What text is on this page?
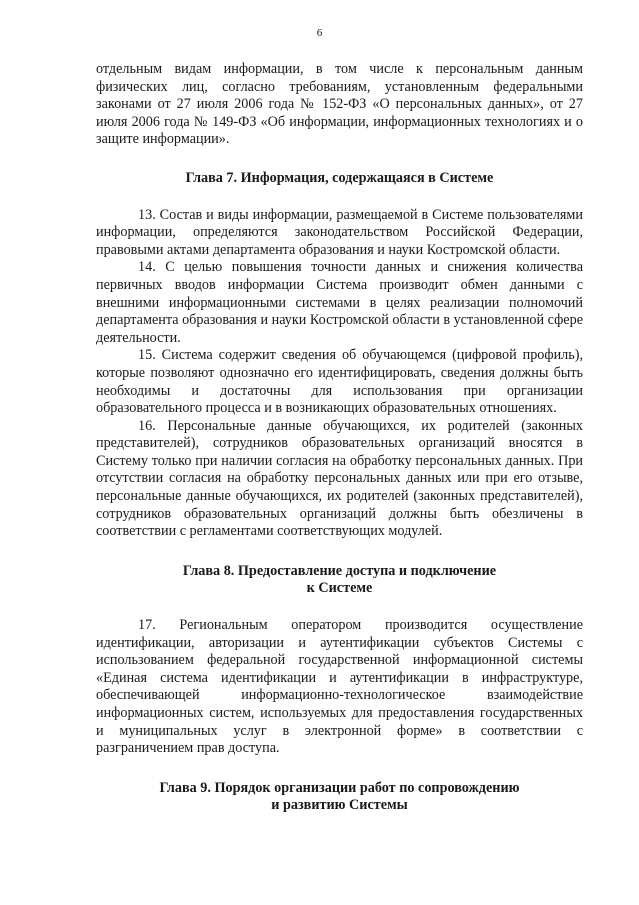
6

отдельным видам информации, в том числе к персональным данным физических лиц, согласно требованиям, установленным федеральными законами от 27 июля 2006 года № 152-ФЗ «О персональных данных», от 27 июля 2006 года № 149-ФЗ «Об информации, информационных технологиях и о защите информации».

Глава 7. Информация, содержащаяся в Системе

13. Состав и виды информации, размещаемой в Системе пользователями информации, определяются законодательством Российской Федерации, правовыми актами департамента образования и науки Костромской области.

14. С целью повышения точности данных и снижения количества первичных вводов информации Система производит обмен данными с внешними информационными системами в целях реализации полномочий департамента образования и науки Костромской области в установленной сфере деятельности.

15. Система содержит сведения об обучающемся (цифровой профиль), которые позволяют однозначно его идентифицировать, сведения должны быть необходимы и достаточны для использования при организации образовательного процесса и в возникающих образовательных отношениях.

16. Персональные данные обучающихся, их родителей (законных представителей), сотрудников образовательных организаций вносятся в Систему только при наличии согласия на обработку персональных данных. При отсутствии согласия на обработку персональных данных или при его отзыве, персональные данные обучающихся, их родителей (законных представителей), сотрудников образовательных организаций должны быть обезличены в соответствии с регламентами соответствующих модулей.

Глава 8. Предоставление доступа и подключение
к Системе

17. Региональным оператором производится осуществление идентификации, авторизации и аутентификации субъектов Системы с использованием федеральной государственной информационной системы «Единая система идентификации и аутентификации в инфраструктуре, обеспечивающей информационно-технологическое взаимодействие информационных систем, используемых для предоставления государственных и муниципальных услуг в электронной форме» в соответствии с разграничением прав доступа.

Глава 9. Порядок организации работ по сопровождению
и развитию Системы
